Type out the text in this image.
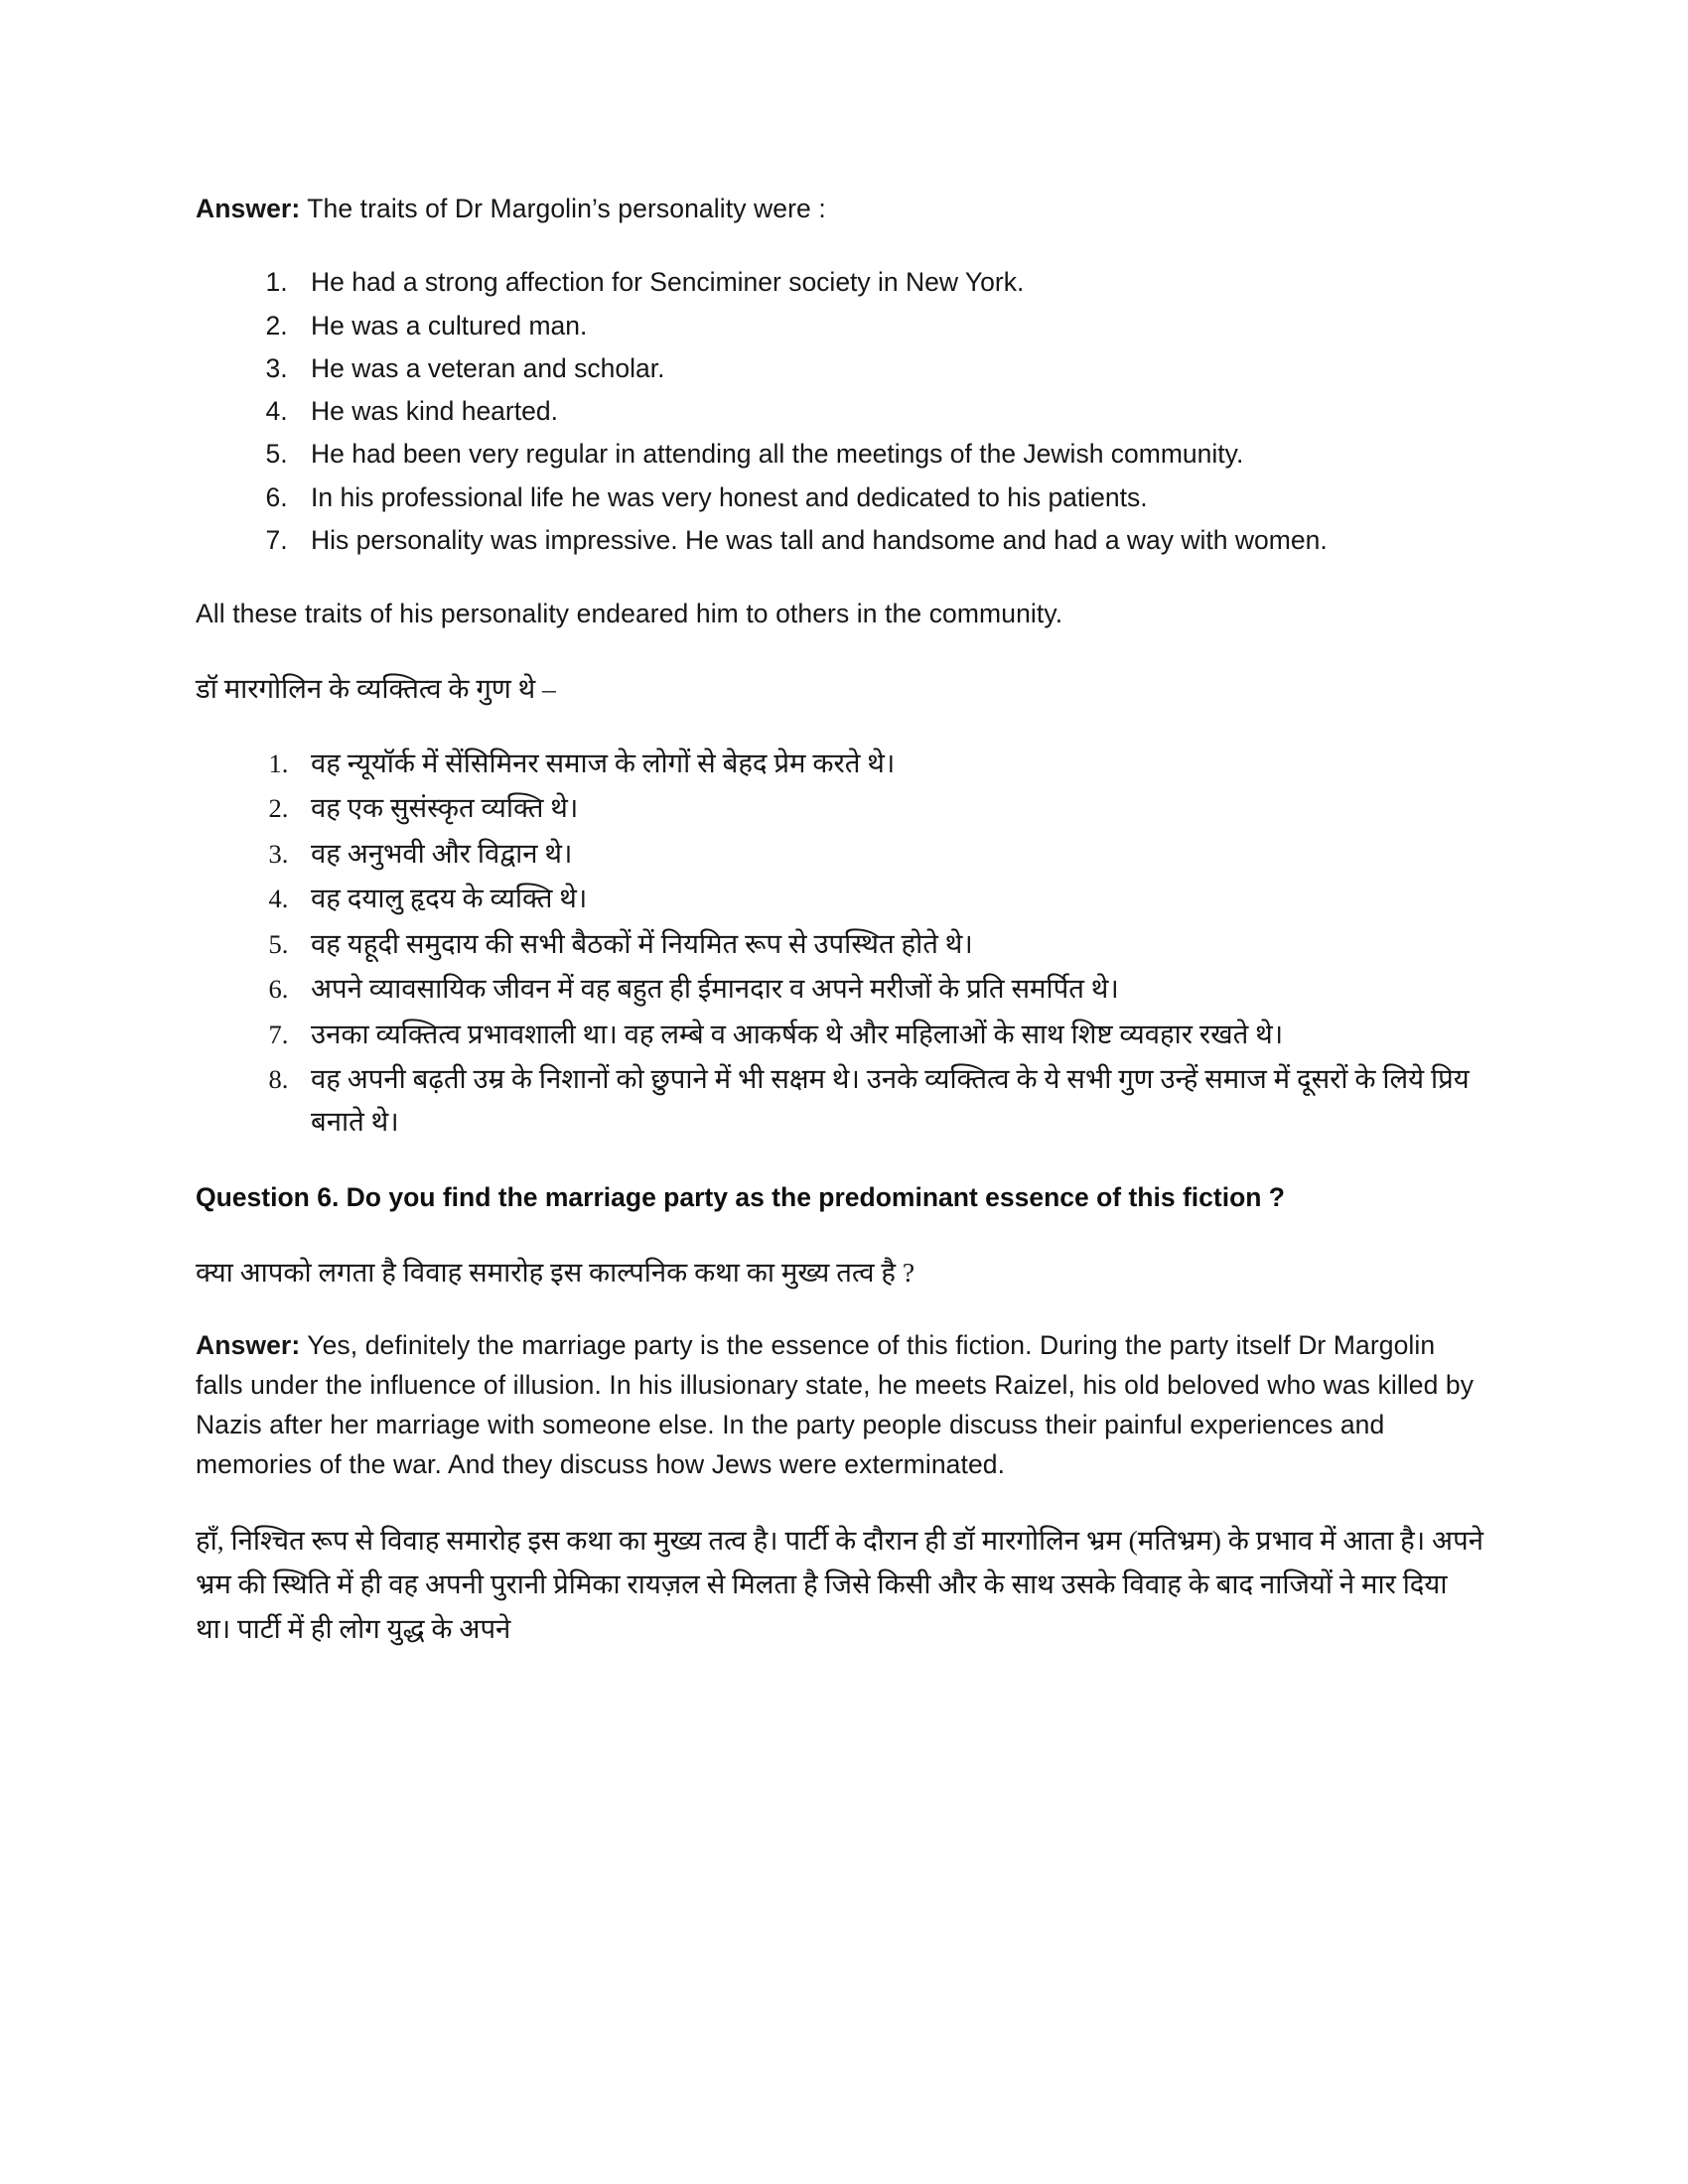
Answer: The traits of Dr Margolin’s personality were :

1. He had a strong affection for Senciminer society in New York.
2. He was a cultured man.
3. He was a veteran and scholar.
4. He was kind hearted.
5. He had been very regular in attending all the meetings of the Jewish community.
6. In his professional life he was very honest and dedicated to his patients.
7. His personality was impressive. He was tall and handsome and had a way with women.

All these traits of his personality endeared him to others in the community.

डॉ मारगोलिन के व्यक्तित्व के गुण थे –

1. वह न्यूयॉर्क में सेंसिमिनर समाज के लोगों से बेहद प्रेम करते थे।
2. वह एक सुसंस्कृत व्यक्ति थे।
3. वह अनुभवी और विद्वान थे।
4. वह दयालु हृदय के व्यक्ति थे।
5. वह यहूदी समुदाय की सभी बैठकों में नियमित रूप से उपस्थित होते थे।
6. अपने व्यावसायिक जीवन में वह बहुत ही ईमानदार व अपने मरीजों के प्रति समर्पित थे।
7. उनका व्यक्तित्व प्रभावशाली था। वह लम्बे व आकर्षक थे और महिलाओं के साथ शिष्ट व्यवहार रखते थे।
8. वह अपनी बढ़ती उम्र के निशानों को छुपाने में भी सक्षम थे। उनके व्यक्तित्व के ये सभी गुण उन्हें समाज में दूसरों के लिये प्रिय बनाते थे।

Question 6. Do you find the marriage party as the predominant essence of this fiction ?

क्या आपको लगता है विवाह समारोह इस काल्पनिक कथा का मुख्य तत्व है ?

Answer: Yes, definitely the marriage party is the essence of this fiction. During the party itself Dr Margolin falls under the influence of illusion. In his illusionary state, he meets Raizel, his old beloved who was killed by Nazis after her marriage with someone else. In the party people discuss their painful experiences and memories of the war. And they discuss how Jews were exterminated.

हाँ, निश्चित रूप से विवाह समारोह इस कथा का मुख्य तत्व है। पार्टी के दौरान ही डॉ मारगोलिन भ्रम (मतिभ्रम) के प्रभाव में आता है। अपने भ्रम की स्थिति में ही वह अपनी पुरानी प्रेमिका रायज़ल से मिलता है जिसे किसी और के साथ उसके विवाह के बाद नाजियों ने मार दिया था। पार्टी में ही लोग युद्ध के अपने
